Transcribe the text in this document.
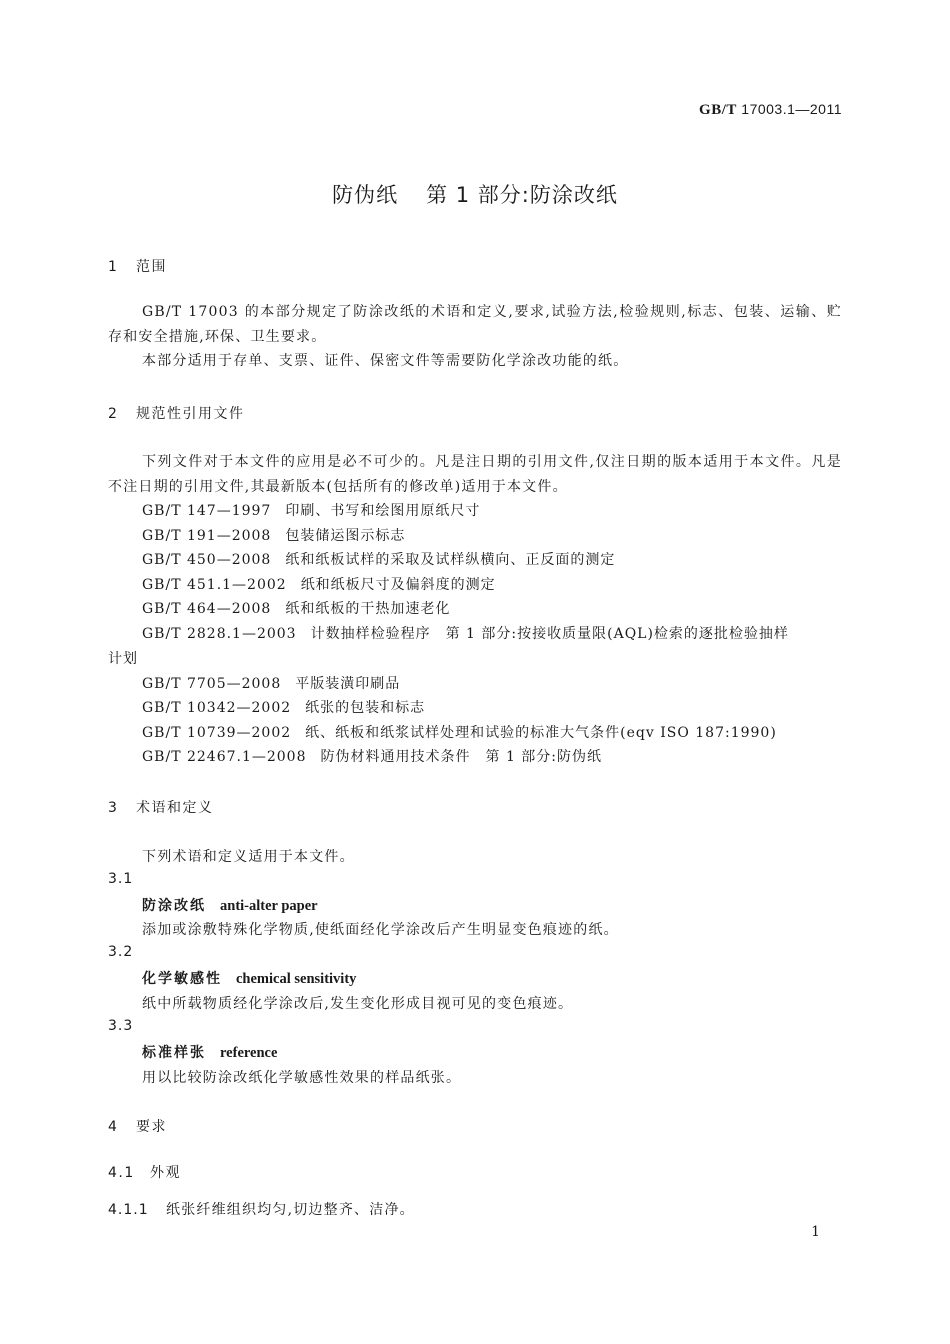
GB/T 17003.1—2011
防伪纸 第 1 部分:防涂改纸
1 范围
GB/T 17003 的本部分规定了防涂改纸的术语和定义,要求,试验方法,检验规则,标志、包装、运输、贮存和安全措施,环保、卫生要求。
本部分适用于存单、支票、证件、保密文件等需要防化学涂改功能的纸。
2 规范性引用文件
下列文件对于本文件的应用是必不可少的。凡是注日期的引用文件,仅注日期的版本适用于本文件。凡是不注日期的引用文件,其最新版本(包括所有的修改单)适用于本文件。
GB/T 147—1997 印刷、书写和绘图用原纸尺寸
GB/T 191—2008 包装储运图示标志
GB/T 450—2008 纸和纸板试样的采取及试样纵横向、正反面的测定
GB/T 451.1—2002 纸和纸板尺寸及偏斜度的测定
GB/T 464—2008 纸和纸板的干热加速老化
GB/T 2828.1—2003 计数抽样检验程序　第 1 部分:按接收质量限(AQL)检索的逐批检验抽样
计划
GB/T 7705—2008 平版装潢印刷品
GB/T 10342—2002 纸张的包装和标志
GB/T 10739—2002 纸、纸板和纸浆试样处理和试验的标准大气条件(eqv ISO 187:1990)
GB/T 22467.1—2008 防伪材料通用技术条件　第 1 部分:防伪纸
3 术语和定义
下列术语和定义适用于本文件。
3.1
防涂改纸 anti-alter paper
添加或涂敷特殊化学物质,使纸面经化学涂改后产生明显变色痕迹的纸。
3.2
化学敏感性 chemical sensitivity
纸中所载物质经化学涂改后,发生变化形成目视可见的变色痕迹。
3.3
标准样张 reference
用以比较防涂改纸化学敏感性效果的样品纸张。
4 要求
4.1 外观
4.1.1 纸张纤维组织均匀,切边整齐、洁净。
1
